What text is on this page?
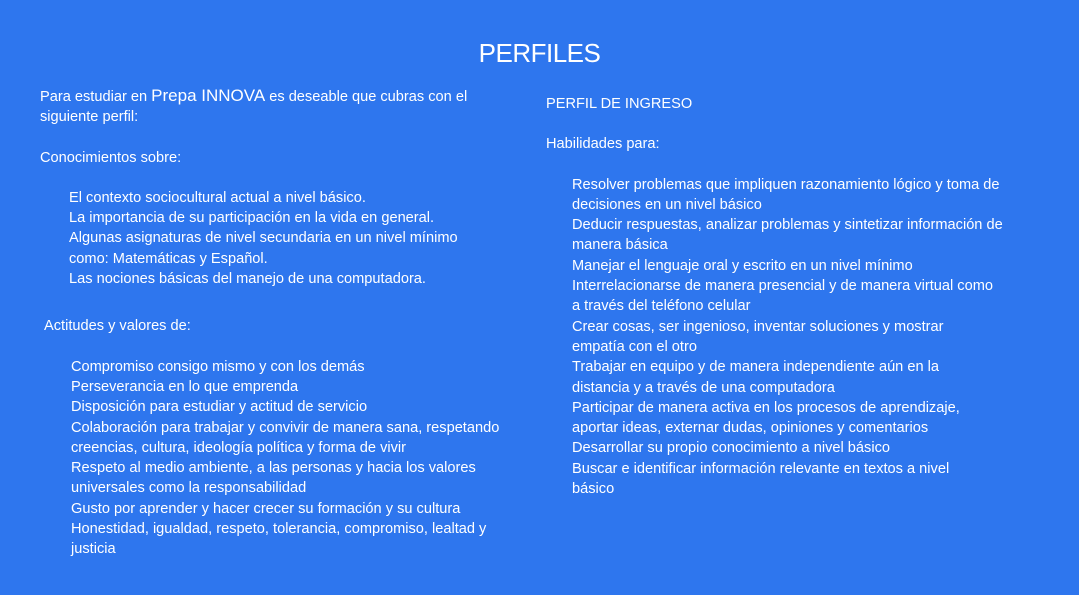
PERFILES

Para estudiar en Prepa INNOVA es deseable que cubras con el siguiente perfil:

Conocimientos sobre:

El contexto sociocultural actual a nivel básico.

La importancia de su participación en la vida en general.

Algunas asignaturas de nivel secundaria en un nivel mínimo como: Matemáticas y Español.

Las nociones básicas del manejo de una computadora.

Actitudes y valores de:

Compromiso consigo mismo y con los demás

Perseverancia en lo que emprenda

Disposición para estudiar y actitud de servicio

Colaboración para trabajar y convivir de manera sana, respetando creencias, cultura, ideología política y forma de vivir

Respeto al medio ambiente, a las personas y hacia los valores universales como la responsabilidad

Gusto por aprender y hacer crecer su formación y su cultura

Honestidad, igualdad, respeto, tolerancia, compromiso, lealtad y justicia

PERFIL DE INGRESO

Habilidades para:

Resolver problemas que impliquen razonamiento lógico y toma de decisiones en un nivel básico

Deducir respuestas, analizar problemas y sintetizar información de manera básica

Manejar el lenguaje oral y escrito en un nivel mínimo

Interrelacionarse de manera presencial y de manera virtual como a través del teléfono celular

Crear cosas, ser ingenioso, inventar soluciones y mostrar empatía con el otro

Trabajar en equipo y de manera independiente aún en la distancia y a través de una computadora

Participar de manera activa en los procesos de aprendizaje, aportar ideas, externar dudas, opiniones y comentarios

Desarrollar su propio conocimiento a nivel básico

Buscar e identificar información relevante en textos a nivel básico
